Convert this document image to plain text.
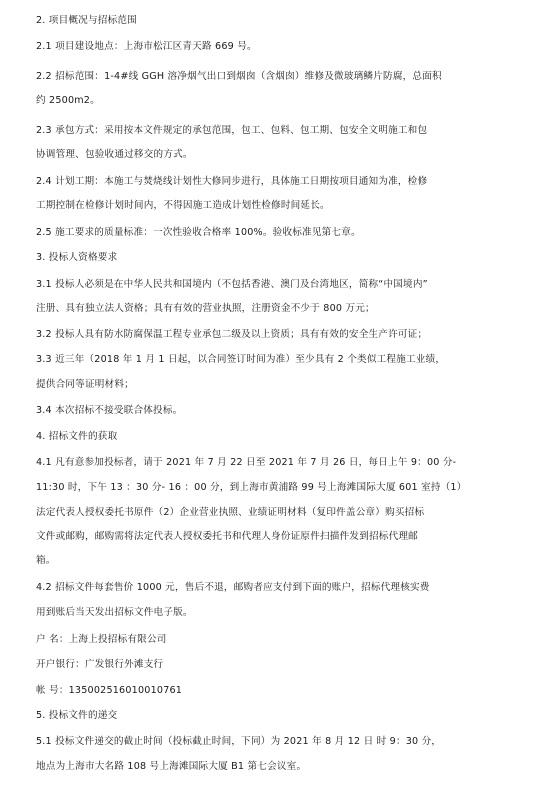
2. 项目概况与招标范围
2.1 项目建设地点：上海市松江区青天路 669 号。
2.2 招标范围：1-4#线 GGH 溶净烟气出口到烟囱（含烟囱）维修及微玻璃鳞片防腐，总面积
约 2500m2。
2.3 承包方式：采用按本文件规定的承包范围，包工、包料、包工期、包安全文明施工和包
协调管理、包验收通过移交的方式。
2.4 计划工期：本施工与焚烧线计划性大修同步进行，具体施工日期按项目通知为准，检修
工期控制在检修计划时间内，不得因施工造成计划性检修时间延长。
2.5 施工要求的质量标准：一次性验收合格率 100%。验收标准见第七章。
3. 投标人资格要求
3.1 投标人必须是在中华人民共和国境内（不包括香港、澳门及台湾地区，简称“中国境内”
注册、具有独立法人资格；具有有效的营业执照，注册资金不少于 800 万元；
3.2 投标人具有防水防腐保温工程专业承包二级及以上资质；具有有效的安全生产许可证；
3.3 近三年（2018 年 1 月 1 日起，以合同签订时间为准）至少具有 2 个类似工程施工业绩，
提供合同等证明材料；
3.4 本次招标不接受联合体投标。
4. 招标文件的获取
4.1 凡有意参加投标者，请于 2021 年 7 月 22 日至 2021 年 7 月 26 日，每日上午 9：00 分-
11:30 时，下午 13 ：30 分- 16 ：00 分，到上海市黄浦路 99 号上海滩国际大厦 601 室持（1）
法定代表人授权委托书原件（2）企业营业执照、业绩证明材料（复印件盖公章）购买招标
文件或邮购，邮购需将法定代表人授权委托书和代理人身份证原件扫描件发到招标代理邮
箱。
4.2 招标文件每套售价 1000 元，售后不退，邮购者应支付到下面的账户，招标代理核实费
用到账后当天发出招标文件电子版。
户 名：上海上投招标有限公司
开户银行：广发银行外滩支行
帐 号：135002516010010761
5. 投标文件的递交
5.1 投标文件递交的截止时间（投标截止时间，下同）为 2021 年 8 月 12 日 时 9：30 分，
地点为上海市大名路 108 号上海滩国际大厦 B1 第七会议室。
